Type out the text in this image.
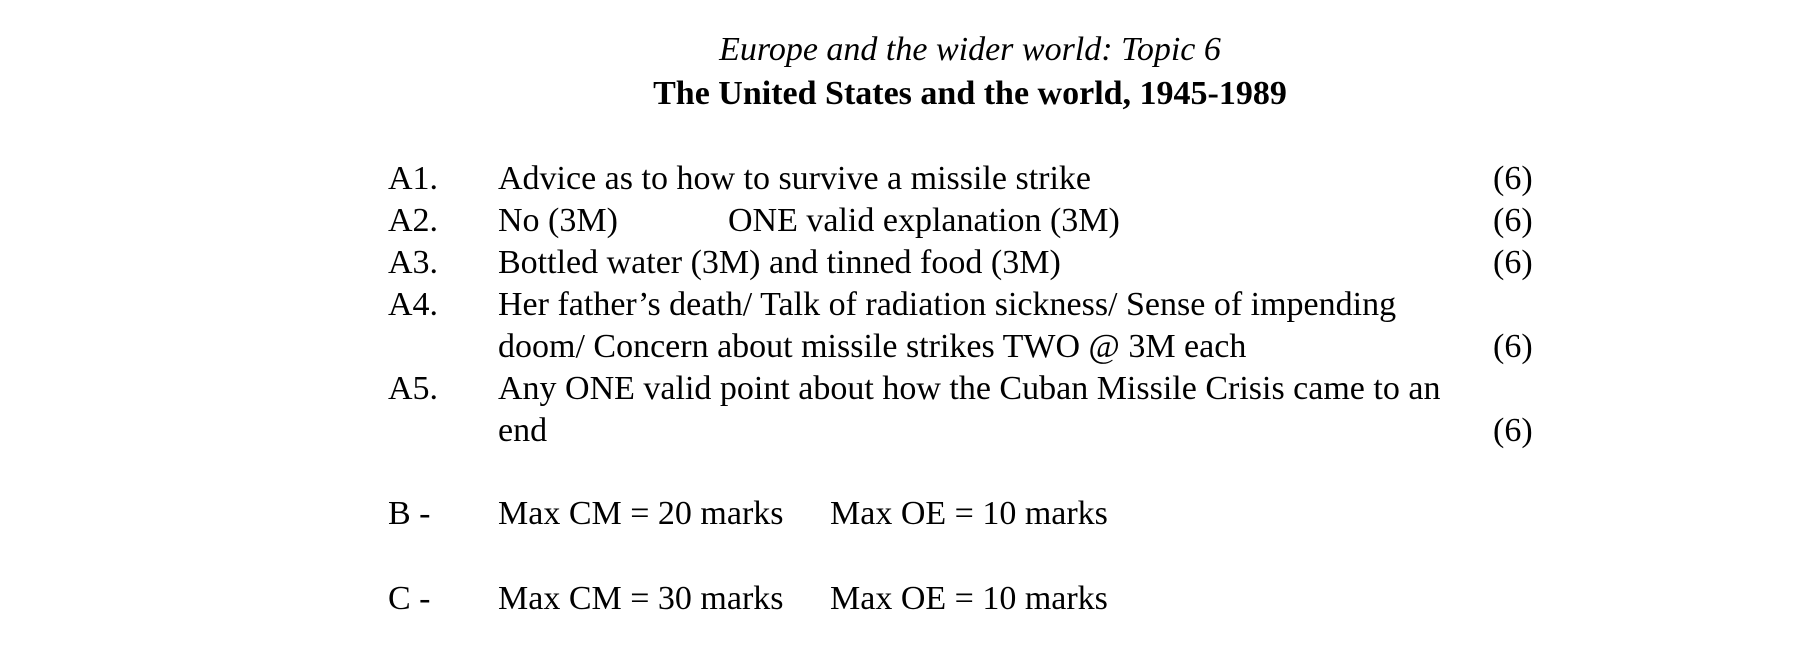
Europe and the wider world: Topic 6
The United States and the world, 1945-1989
A1. Advice as to how to survive a missile strike	(6)
A2. No (3M)	ONE valid explanation (3M)	(6)
A3. Bottled water (3M) and tinned food (3M)	(6)
A4. Her father’s death/ Talk of radiation sickness/ Sense of impending
doom/ Concern about missile strikes TWO @ 3M each	(6)
A5. Any ONE valid point about how the Cuban Missile Crisis came to an
end	(6)
B - Max CM = 20 marks Max OE = 10 marks
C - Max CM = 30 marks Max OE = 10 marks
